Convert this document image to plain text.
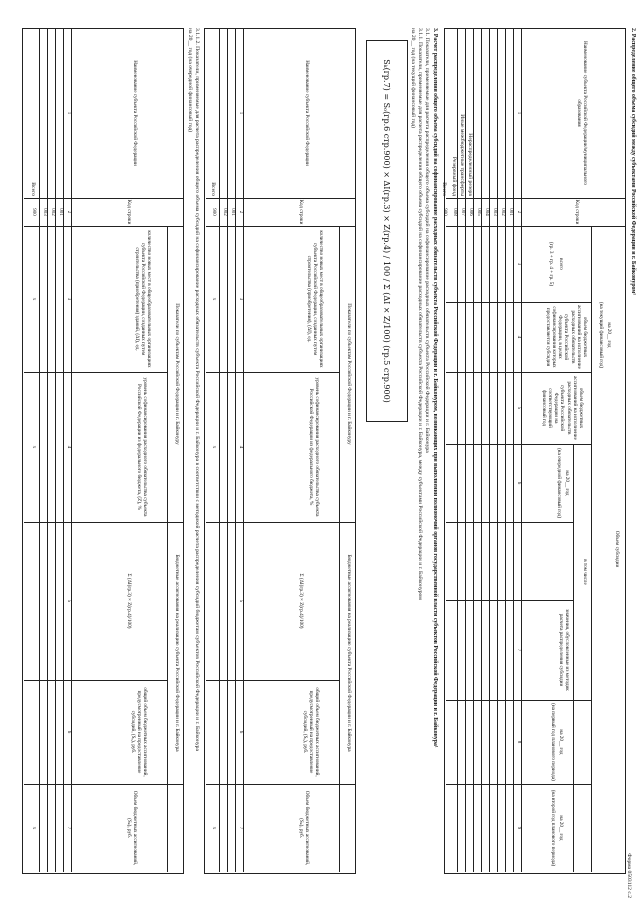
Форма 0503112 с.2
2. Распределение общего объема субсидий между субъектами Российской Федерации и г. Байконуром¹
Наименование субъекта Российской Федерации/муниципального образования
Код строки
Объем субсидии
на 20__ год
(на текущий финансовый год)
всего
(гр. 3 + гр. 4 + гр. 5)
объем бюджетных ассигнований на исполнение расходных обязательств субъекта Российской Федерации, в целях софинансирования которых предоставляется субсидия
объем бюджетных ассигнований на исполнение расходных обязательств субъекта Российской Федерации на соответствующий финансовый год
в том числе
на 20__ год
(на очередной финансовый год)
значения, обусловленные из методик расчета распределения субсидии
на 20__ год
(на первый год планового периода)
на 20__ год
(на второй год планового периода)
1
2
3
4
5
6
7
8
9
001
002
003
004
005
Нераспределенный резерв
006
Иные межбюджетные трансферты
007
Резервный фонд
008
Всего
900
3. Расчет распределения общего объема субсидий на софинансирование расходных обязательств субъекта Российской Федерации и г. Байконуром, возникающих при выполнении полномочий органов государственной власти субъектов Российской Федерации и г. Байконура¹
3.1. Показатели, применяемые для расчета распределения общего объема субсидий на софинансирование расходных обязательств субъекта Российской Федерации и г. Байконура
3.1.1. Показатели, применяемые для расчета распределения общего объема субсидий на софинансирование расходных обязательств субъекта Российской Федерации и г. Байконура, между субъектами Российской Федерации и г. Байконуром
на 20__ год (на текущий финансовый год)
Sₖ(гр.7) = Sₒ(гр.6 стр.900) × ΔІ(гр.3) × Z(гр.4) / 100 / Σ (ΔІ × Z/100) (гр.5 стр.900)
Наименование субъекта Российской Федерации
Код строки
Показатели по субъектам Российской Федерации и г. Байконуру
количество новых мест в общеобразовательных организациях субъекта Российской Федерации, созданных путем строительства (приобретения), (ΔІ), ед.
уровень софинансирования расходного обязательства субъекта Российской Федерации из федерального бюджета, %
Бюджетные ассигнования на реализацию субъекта Российской Федерации и г. Байконура
Σ (ΔІ(гр.3) × Z(гр.4)/100)
общий объем бюджетных ассигнований, предусмотренный на предоставление субсидий, (Sₒ), руб.
Объем бюджетных ассигнований, (Sₖ), руб.
1
2
3
4
5
6
7
001
002
Всего
900
x
x
x
3.1.1.2. Показатели, применяемые для расчета распределения общего объема субсидий на софинансирование расходных обязательств субъекта Российской Федерации и г. Байконура в соответствии с методикой расчета распределения субсидий бюджетам субъектов Российской Федерации и г. Байконура
на 20__ год (на очередной финансовый год)
Наименование субъекта Российской Федерации
Код строки
Показатели по субъектам Российской Федерации и г. Байконуру
количество новых мест в общеобразовательных организациях субъекта Российской Федерации, созданных путем строительства (приобретения) зданий, (ΔІ), ед.
уровень софинансирования расходного обязательства субъекта Российской Федерации из федерального бюджета, (Z), %
Бюджетные ассигнования на реализацию субъекта Российской Федерации и г. Байконура
Σ (ΔІ(гр.3) × Z(гр.4)/100)
общий объем бюджетных ассигнований, предусмотренный на предоставление субсидий, (Sₒ), руб.
Объем бюджетных ассигнований, (Sₖ), руб.
1
2
3
4
5
6
7
001
002
003
Всего
900
x
x
x
